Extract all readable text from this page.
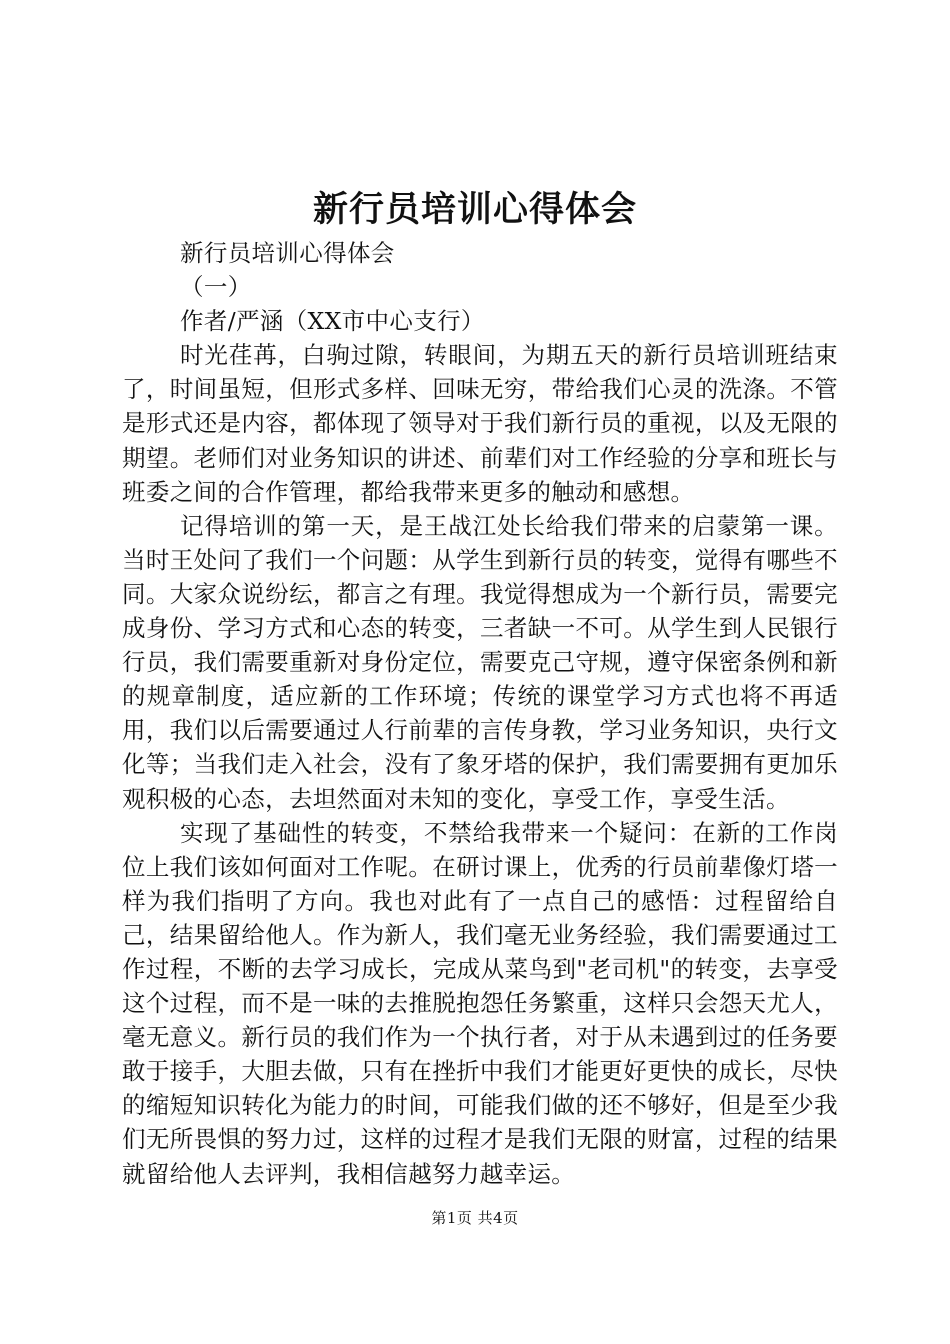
新行员培训心得体会

新行员培训心得体会

（一）

作者/严涵（XX市中心支行）

时光荏苒，白驹过隙，转眼间，为期五天的新行员培训班结束了，时间虽短，但形式多样、回味无穷，带给我们心灵的洗涤。不管是形式还是内容，都体现了领导对于我们新行员的重视，以及无限的期望。老师们对业务知识的讲述、前辈们对工作经验的分享和班长与班委之间的合作管理，都给我带来更多的触动和感想。

记得培训的第一天，是王战江处长给我们带来的启蒙第一课。当时王处问了我们一个问题：从学生到新行员的转变，觉得有哪些不同。大家众说纷纭，都言之有理。我觉得想成为一个新行员，需要完成身份、学习方式和心态的转变，三者缺一不可。从学生到人民银行行员，我们需要重新对身份定位，需要克己守规，遵守保密条例和新的规章制度，适应新的工作环境；传统的课堂学习方式也将不再适用，我们以后需要通过人行前辈的言传身教，学习业务知识，央行文化等；当我们走入社会，没有了象牙塔的保护，我们需要拥有更加乐观积极的心态，去坦然面对未知的变化，享受工作，享受生活。

实现了基础性的转变，不禁给我带来一个疑问：在新的工作岗位上我们该如何面对工作呢。在研讨课上，优秀的行员前辈像灯塔一样为我们指明了方向。我也对此有了一点自己的感悟：过程留给自己，结果留给他人。作为新人，我们毫无业务经验，我们需要通过工作过程，不断的去学习成长，完成从菜鸟到"老司机"的转变，去享受这个过程，而不是一味的去推脱抱怨任务繁重，这样只会怨天尤人，毫无意义。新行员的我们作为一个执行者，对于从未遇到过的任务要敢于接手，大胆去做，只有在挫折中我们才能更好更快的成长，尽快的缩短知识转化为能力的时间，可能我们做的还不够好，但是至少我们无所畏惧的努力过，这样的过程才是我们无限的财富，过程的结果就留给他人去评判，我相信越努力越幸运。

第1页 共4页
